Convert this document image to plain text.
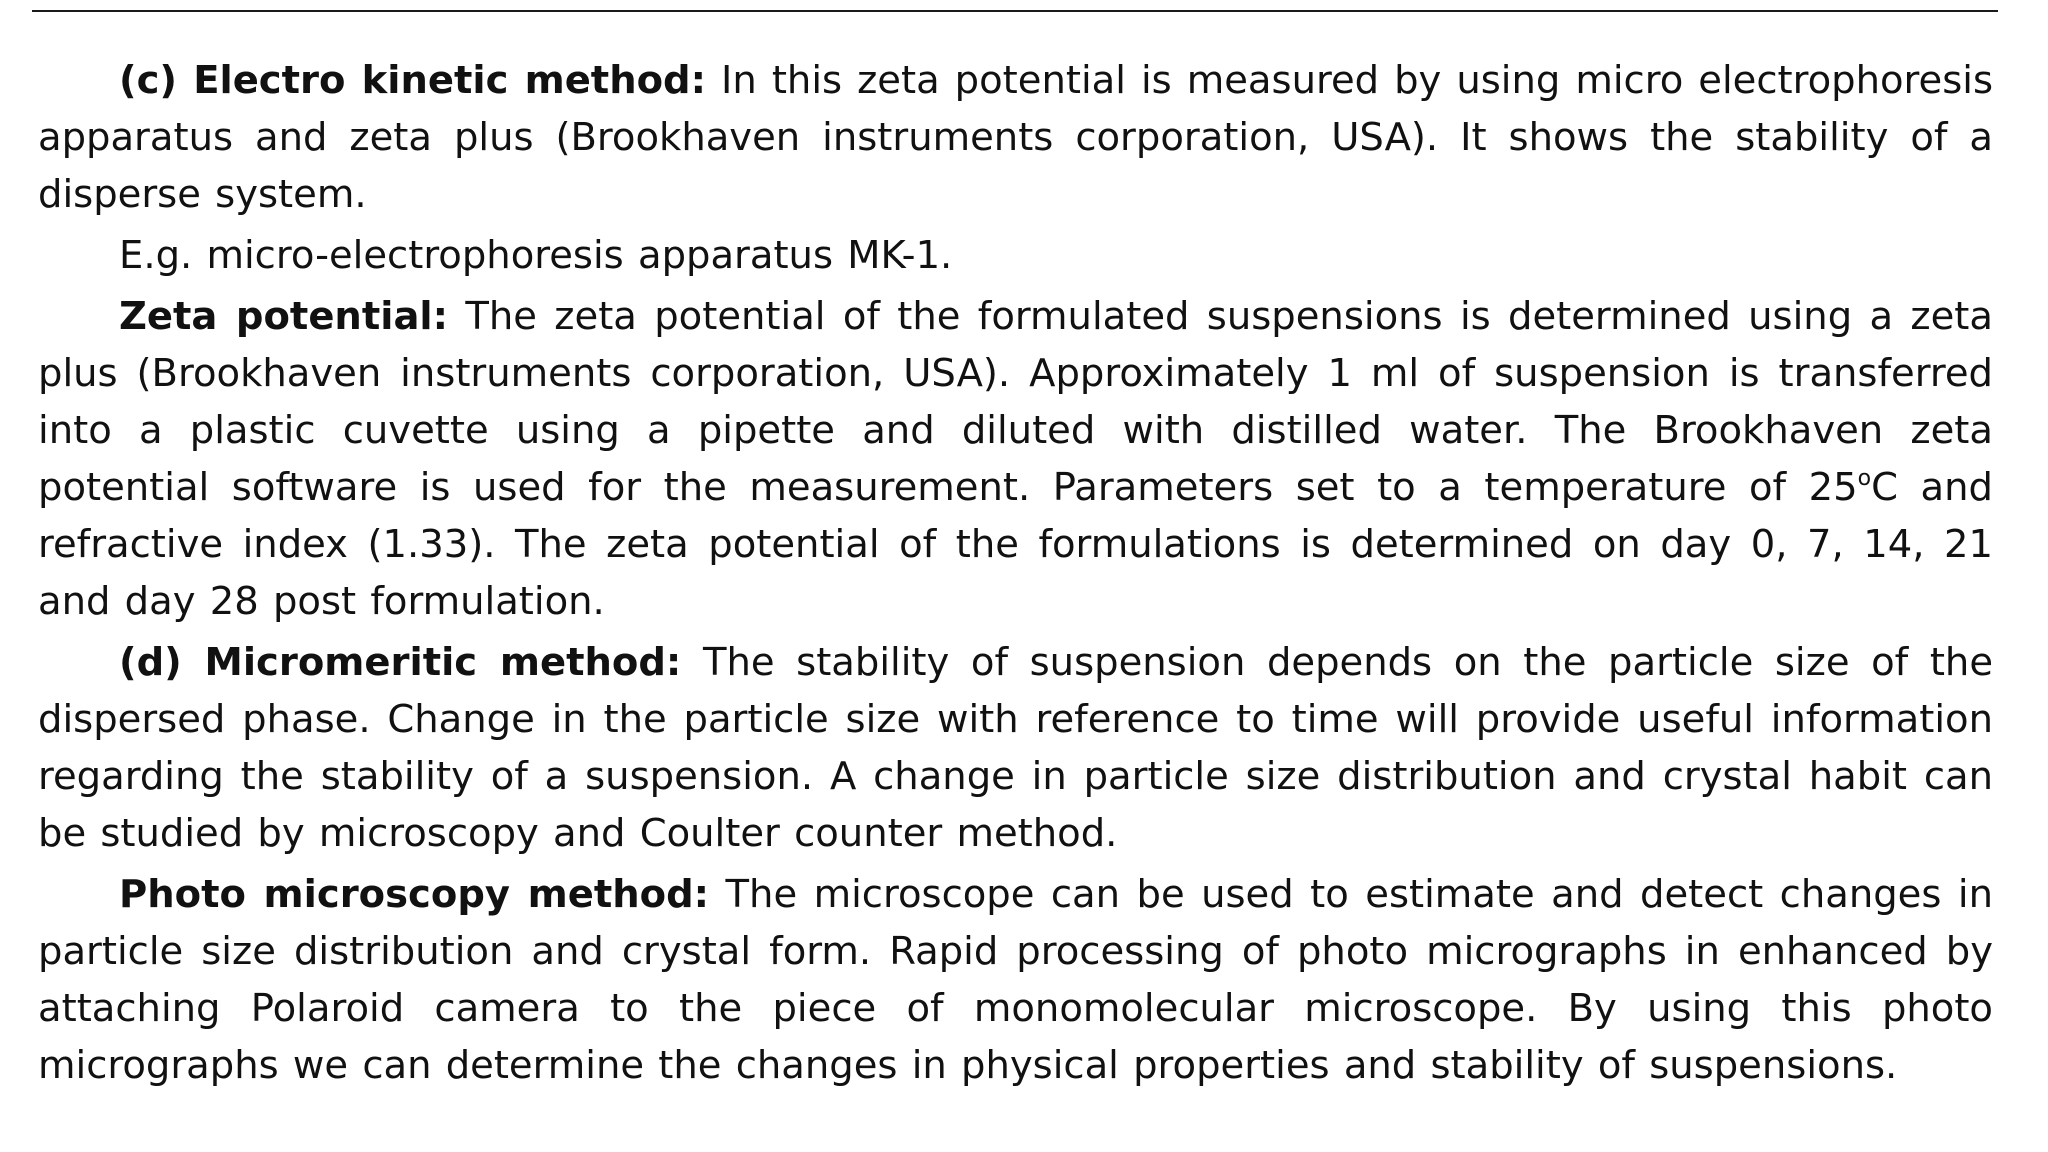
(c) Electro kinetic method: In this zeta potential is measured by using micro electrophoresis apparatus and zeta plus (Brookhaven instruments corporation, USA). It shows the stability of a disperse system.

E.g. micro-electrophoresis apparatus MK-1.

Zeta potential: The zeta potential of the formulated suspensions is determined using a zeta plus (Brookhaven instruments corporation, USA). Approximately 1 ml of suspension is transferred into a plastic cuvette using a pipette and diluted with distilled water. The Brookhaven zeta potential software is used for the measurement. Parameters set to a temperature of 25$^o$C and refractive index (1.33). The zeta potential of the formulations is determined on day 0, 7, 14, 21 and day 28 post formulation.

(d) Micromeritic method: The stability of suspension depends on the particle size of the dispersed phase. Change in the particle size with reference to time will provide useful information regarding the stability of a suspension. A change in particle size distribution and crystal habit can be studied by microscopy and Coulter counter method.

Photo microscopy method: The microscope can be used to estimate and detect changes in particle size distribution and crystal form. Rapid processing of photo micrographs in enhanced by attaching Polaroid camera to the piece of monomolecular microscope. By using this photo micrographs we can determine the changes in physical properties and stability of suspensions.
